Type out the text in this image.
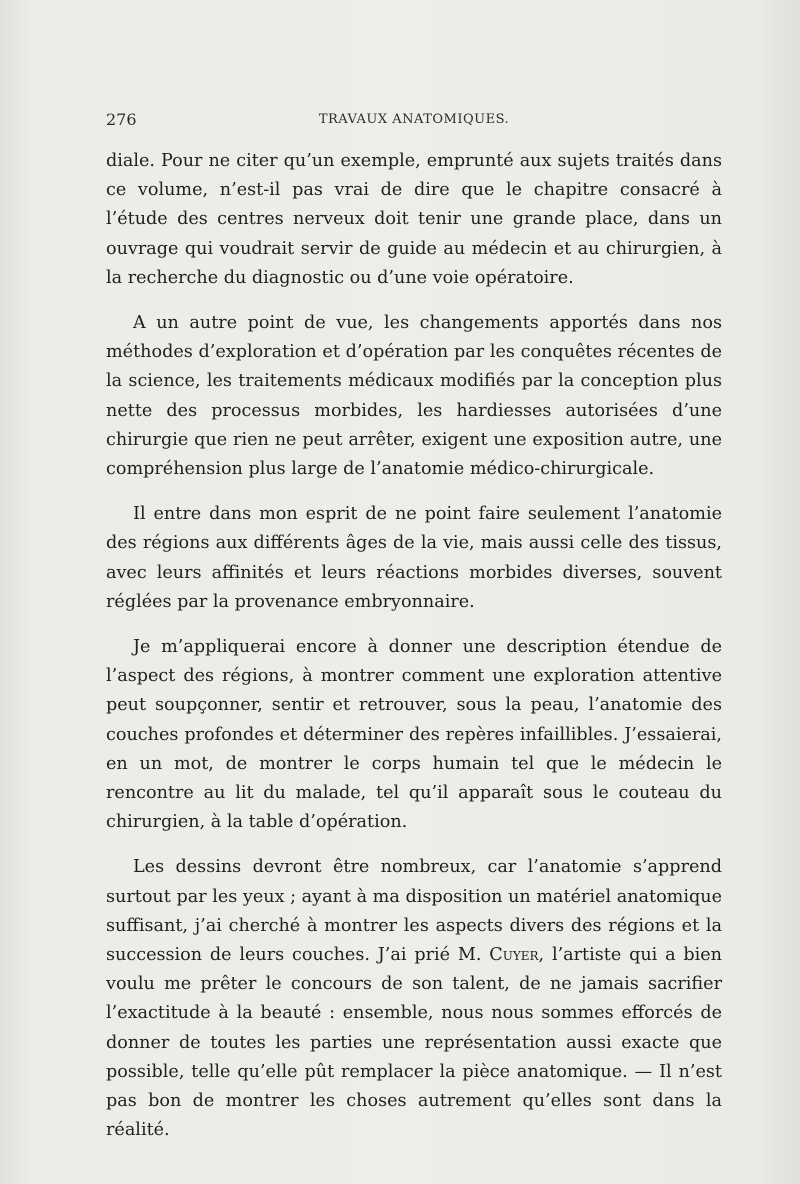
276	TRAVAUX ANATOMIQUES.

diale. Pour ne citer qu’un exemple, emprunté aux sujets traités dans ce volume, n’est-il pas vrai de dire que le chapitre consacré à l’étude des centres nerveux doit tenir une grande place, dans un ouvrage qui voudrait servir de guide au médecin et au chirurgien, à la recherche du diagnostic ou d’une voie opératoire.

A un autre point de vue, les changements apportés dans nos méthodes d’exploration et d’opération par les conquêtes récentes de la science, les traitements médicaux modifiés par la conception plus nette des processus morbides, les hardiesses autorisées d’une chirurgie que rien ne peut arrêter, exigent une exposition autre, une compréhension plus large de l’anatomie médico-chirurgicale.

Il entre dans mon esprit de ne point faire seulement l’anatomie des régions aux différents âges de la vie, mais aussi celle des tissus, avec leurs affinités et leurs réactions morbides diverses, souvent réglées par la provenance embryonnaire.

Je m’appliquerai encore à donner une description étendue de l’aspect des régions, à montrer comment une exploration attentive peut soupçonner, sentir et retrouver, sous la peau, l’anatomie des couches profondes et déterminer des repères infaillibles. J’essaierai, en un mot, de montrer le corps humain tel que le médecin le rencontre au lit du malade, tel qu’il apparaît sous le couteau du chirurgien, à la table d’opération.

Les dessins devront être nombreux, car l’anatomie s’apprend surtout par les yeux ; ayant à ma disposition un matériel anatomique suffisant, j’ai cherché à montrer les aspects divers des régions et la succession de leurs couches. J’ai prié M. Cuyer, l’artiste qui a bien voulu me prêter le concours de son talent, de ne jamais sacrifier l’exactitude à la beauté : ensemble, nous nous sommes efforcés de donner de toutes les parties une représentation aussi exacte que possible, telle qu’elle pût remplacer la pièce anatomique. — Il n’est pas bon de montrer les choses autrement qu’elles sont dans la réalité.
